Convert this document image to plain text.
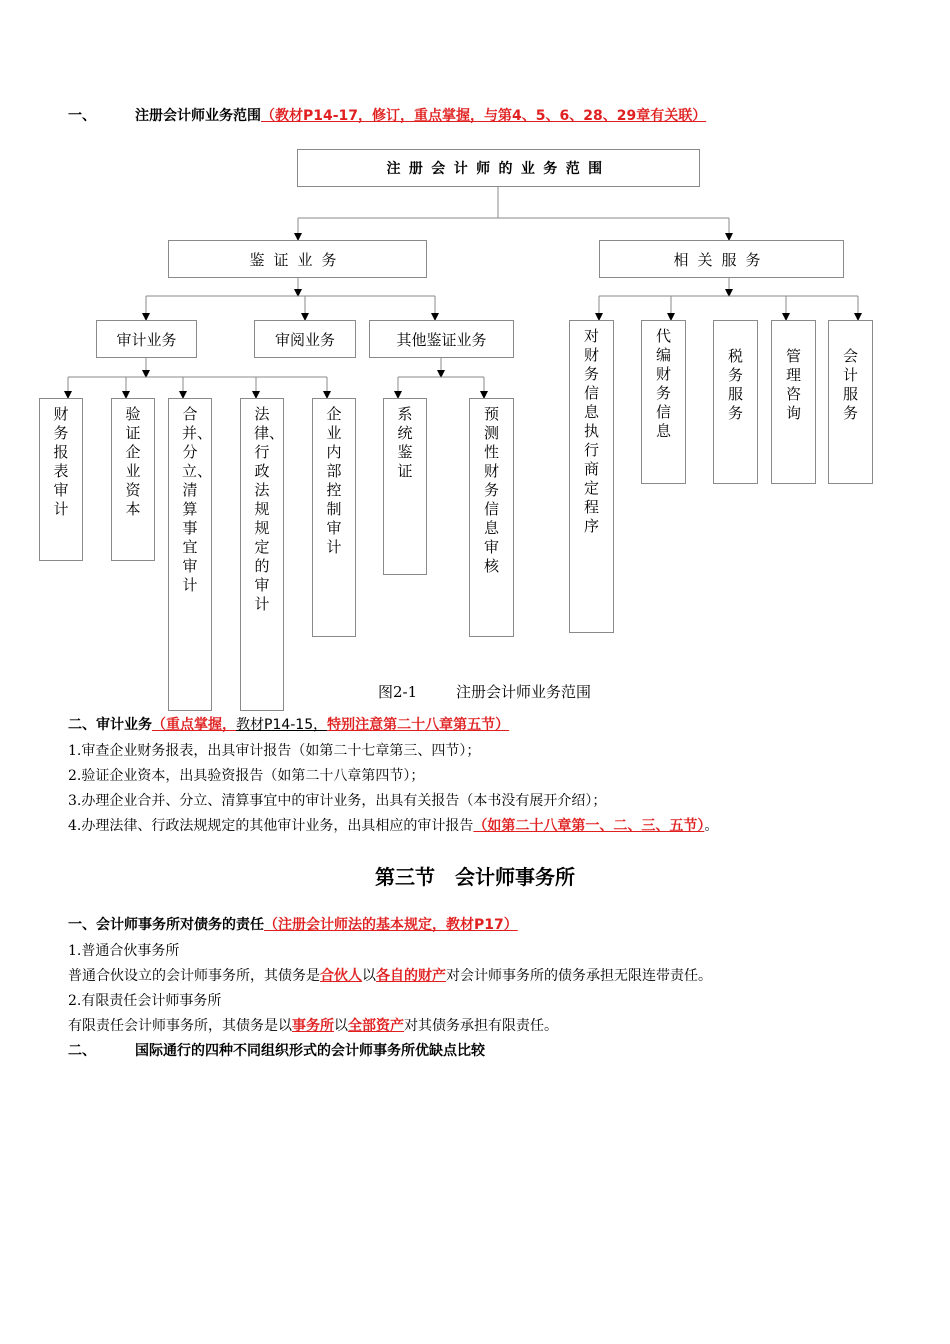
一、	注册会计师业务范围（教材P14-17，修订，重点掌握，与第4、5、6、28、29章有关联）
注册会计师的业务范围
鉴证业务	相关服务
审计业务	审阅业务	其他鉴证业务
财务报表审计
验证企业资本
合并、分立、清算事宜审计
法律、行政法规规定的审计
企业内部控制审计
系统鉴证
预测性财务信息审核
对财务信息执行商定程序
代编财务信息
税务服务
管理咨询
会计服务
图2-1	注册会计师业务范围
二、审计业务（重点掌握，教材P14-15，特别注意第二十八章第五节）
1.审查企业财务报表，出具审计报告（如第二十七章第三、四节）；
2.验证企业资本，出具验资报告（如第二十八章第四节）；
3.办理企业合并、分立、清算事宜中的审计业务，出具有关报告（本书没有展开介绍）；
4.办理法律、行政法规规定的其他审计业务，出具相应的审计报告（如第二十八章第一、二、三、五节）。
第三节　会计师事务所
一、会计师事务所对债务的责任（注册会计师法的基本规定，教材P17）
1.普通合伙事务所
普通合伙设立的会计师事务所，其债务是合伙人以各自的财产对会计师事务所的债务承担无限连带责任。
2.有限责任会计师事务所
有限责任会计师事务所，其债务是以事务所以全部资产对其债务承担有限责任。
二、	国际通行的四种不同组织形式的会计师事务所优缺点比较
